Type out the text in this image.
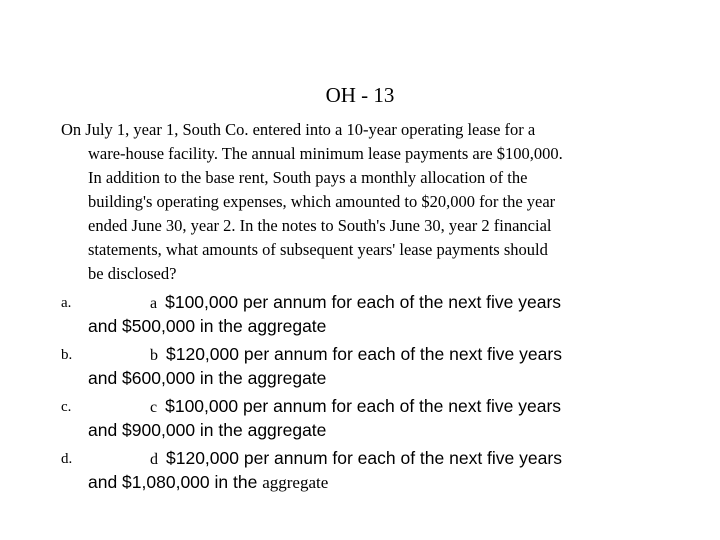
OH - 13
On July 1, year 1, South Co. entered into a 10-year operating lease for a
ware-house facility. The annual minimum lease payments are $100,000.
In addition to the base rent, South pays a monthly allocation of the
building's operating expenses, which amounted to $20,000 for the year
ended June 30, year 2. In the notes to South's June 30, year 2 financial
statements, what amounts of subsequent years' lease payments should
be disclosed?
a.	a $100,000 per annum for each of the next five years
and $500,000 in the aggregate
b.	b $120,000 per annum for each of the next five years
and $600,000 in the aggregate
c.	c $100,000 per annum for each of the next five years
and $900,000 in the aggregate
d.	d $120,000 per annum for each of the next five years
and $1,080,000 in the aggregate
